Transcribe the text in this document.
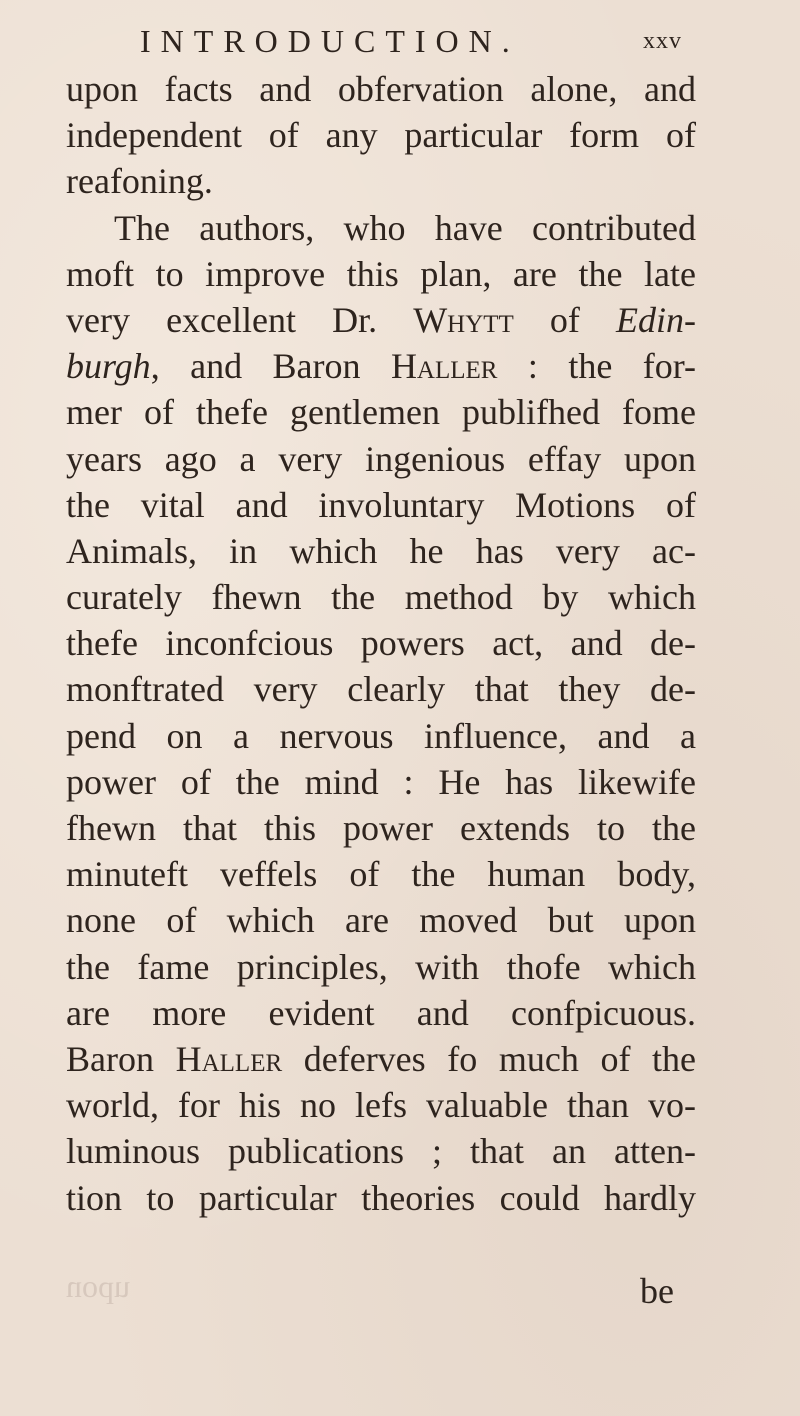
INTRODUCTION.	xxv
upon facts and obfervation alone, and
independent of any particular form of
reafoning.
The authors, who have contributed
moft to improve this plan, are the late
very excellent Dr. Whytt of Edin-
burgh, and Baron Haller : the for-
mer of thefe gentlemen publifhed fome
years ago a very ingenious effay upon
the vital and involuntary Motions of
Animals, in which he has very ac-
curately fhewn the method by which
thefe inconfcious powers act, and de-
monftrated very clearly that they de-
pend on a nervous influence, and a
power of the mind : He has likewife
fhewn that this power extends to the
minuteft veffels of the human body,
none of which are moved but upon
the fame principles, with thofe which
are more evident and confpicuous.
Baron Haller deferves fo much of the
world, for his no lefs valuable than vo-
luminous publications ; that an atten-
tion to particular theories could hardly
upon	be
